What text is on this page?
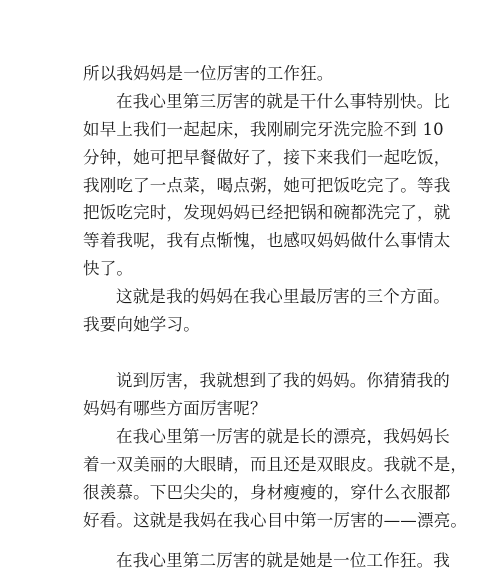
所以我妈妈是一位厉害的工作狂。
在我心里第三厉害的就是干什么事特别快。比
如早上我们一起起床，我刚刷完牙洗完脸不到 10
分钟，她可把早餐做好了，接下来我们一起吃饭，
我刚吃了一点菜，喝点粥，她可把饭吃完了。等我
把饭吃完时，发现妈妈已经把锅和碗都洗完了，就
等着我呢，我有点惭愧，也感叹妈妈做什么事情太
快了。
这就是我的妈妈在我心里最厉害的三个方面。
我要向她学习。
说到厉害，我就想到了我的妈妈。你猜猜我的
妈妈有哪些方面厉害呢？
在我心里第一厉害的就是长的漂亮，我妈妈长
着一双美丽的大眼睛，而且还是双眼皮。我就不是，
很羡慕。下巴尖尖的，身材瘦瘦的，穿什么衣服都
好看。这就是我妈在我心目中第一厉害的——漂亮。
在我心里第二厉害的就是她是一位工作狂。我
